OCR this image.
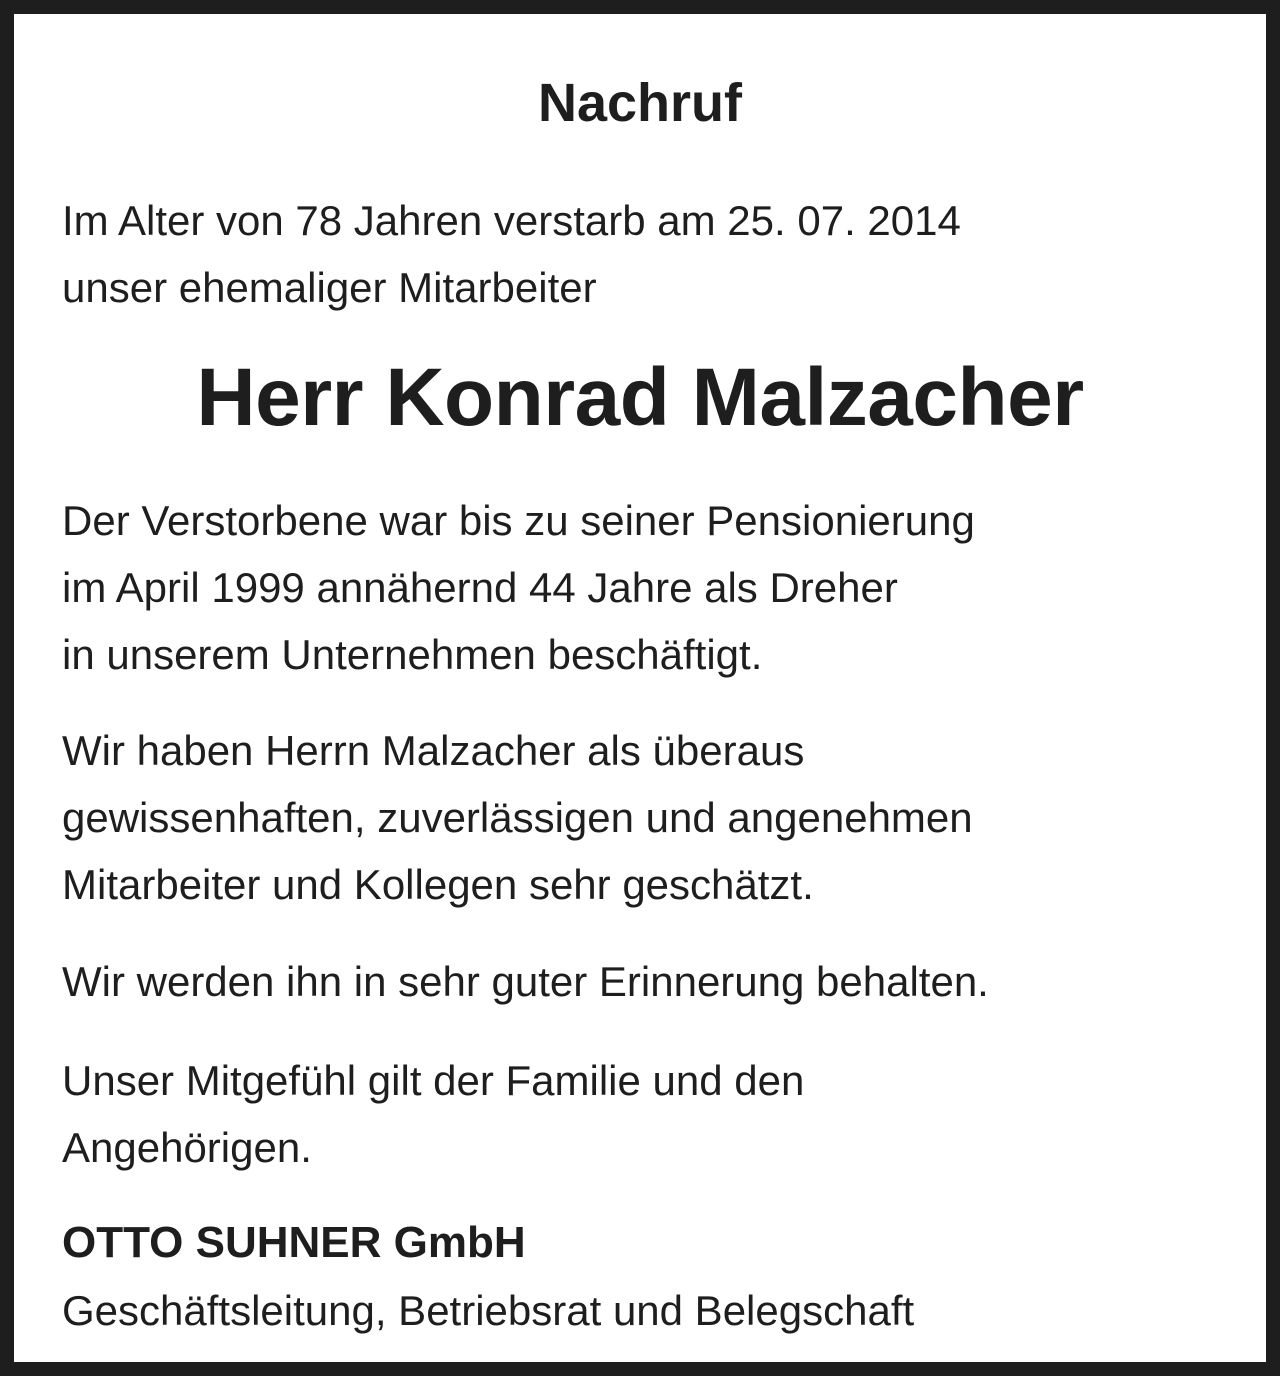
Nachruf

Im Alter von 78 Jahren verstarb am 25. 07. 2014

unser ehemaliger Mitarbeiter

Herr Konrad Malzacher

Der Verstorbene war bis zu seiner Pensionierung

im April 1999 annähernd 44 Jahre als Dreher

in unserem Unternehmen beschäftigt.

Wir haben Herrn Malzacher als überaus

gewissenhaften, zuverlässigen und angenehmen

Mitarbeiter und Kollegen sehr geschätzt.

Wir werden ihn in sehr guter Erinnerung behalten.

Unser Mitgefühl gilt der Familie und den

Angehörigen.

OTTO SUHNER GmbH

Geschäftsleitung, Betriebsrat und Belegschaft
